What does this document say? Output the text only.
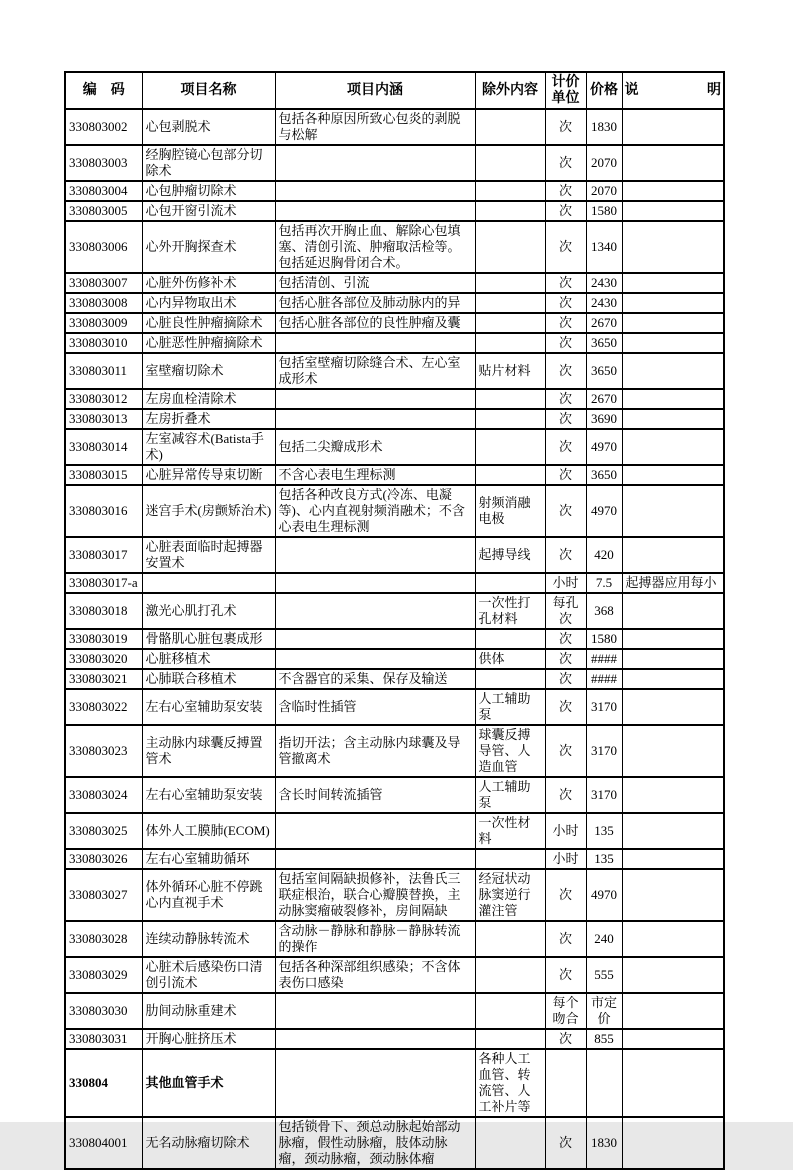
编　码	项目名称	项目内涵	除外内容	计价单位	价格	说 明
330803002	心包剥脱术	包括各种原因所致心包炎的剥脱与松解		次	1830	
330803003	经胸腔镜心包部分切除术			次	2070	
330803004	心包肿瘤切除术			次	2070	
330803005	心包开窗引流术			次	1580	
330803006	心外开胸探查术	包括再次开胸止血、解除心包填塞、清创引流、肿瘤取活检等。包括延迟胸骨闭合术。		次	1340	
330803007	心脏外伤修补术	包括清创、引流		次	2430	
330803008	心内异物取出术	包括心脏各部位及肺动脉内的异		次	2430	
330803009	心脏良性肿瘤摘除术	包括心脏各部位的良性肿瘤及囊		次	2670	
330803010	心脏恶性肿瘤摘除术			次	3650	
330803011	室壁瘤切除术	包括室壁瘤切除缝合术、左心室成形术	贴片材料	次	3650	
330803012	左房血栓清除术			次	2670	
330803013	左房折叠术			次	3690	
330803014	左室减容术(Batista手术)	包括二尖瓣成形术		次	4970	
330803015	心脏异常传导束切断	不含心表电生理标测		次	3650	
330803016	迷宫手术(房颤矫治术)	包括各种改良方式(冷冻、电凝等)、心内直视射频消融术；不含心表电生理标测	射频消融电极	次	4970	
330803017	心脏表面临时起搏器安置术		起搏导线	次	420	
330803017-a				小时	7.5	起搏器应用每小
330803018	激光心肌打孔术		一次性打孔材料	每孔次	368	
330803019	骨骼肌心脏包裹成形			次	1580	
330803020	心脏移植术		供体	次	####	
330803021	心肺联合移植术	不含器官的采集、保存及输送		次	####	
330803022	左右心室辅助泵安装	含临时性插管	人工辅助泵	次	3170	
330803023	主动脉内球囊反搏置管术	指切开法；含主动脉内球囊及导管撤离术	球囊反搏导管、人造血管	次	3170	
330803024	左右心室辅助泵安装	含长时间转流插管	人工辅助泵	次	3170	
330803025	体外人工膜肺(ECOM)		一次性材料	小时	135	
330803026	左右心室辅助循环			小时	135	
330803027	体外循环心脏不停跳心内直视手术	包括室间隔缺损修补，法鲁氏三联症根治，联合心瓣膜替换，主动脉窦瘤破裂修补，房间隔缺	经冠状动脉窦逆行灌注管	次	4970	
330803028	连续动静脉转流术	含动脉－静脉和静脉－静脉转流的操作		次	240	
330803029	心脏术后感染伤口清创引流术	包括各种深部组织感染；不含体表伤口感染		次	555	
330803030	肋间动脉重建术			每个吻合	市定价	
330803031	开胸心脏挤压术			次	855	
330804	其他血管手术		各种人工血管、转流管、人工补片等			
330804001	无名动脉瘤切除术	包括锁骨下、颈总动脉起始部动脉瘤，假性动脉瘤，肢体动脉瘤，颈动脉瘤，颈动脉体瘤		次	1830	
